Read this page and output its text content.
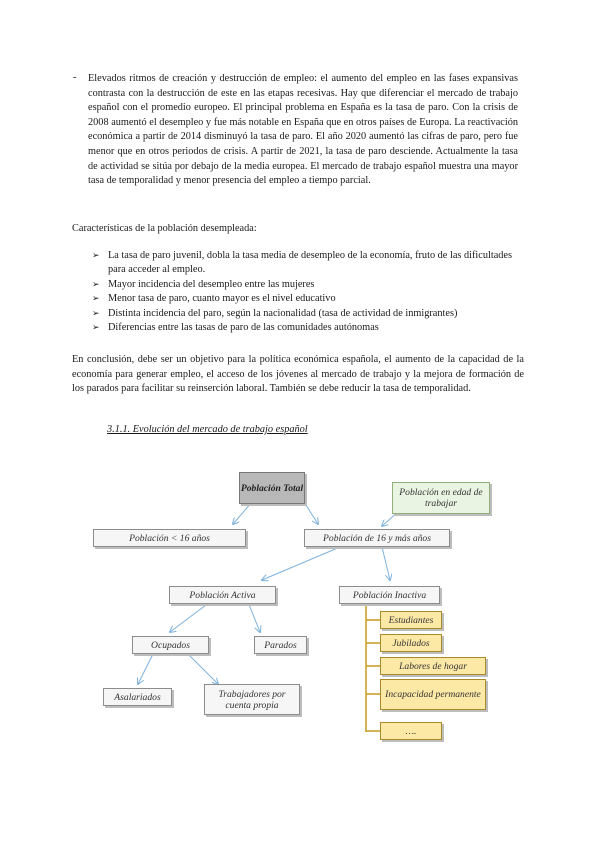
- Elevados ritmos de creación y destrucción de empleo: el aumento del empleo en las fases expansivas contrasta con la destrucción de este en las etapas recesivas. Hay que diferenciar el mercado de trabajo español con el promedio europeo. El principal problema en España es la tasa de paro. Con la crisis de 2008 aumentó el desempleo y fue más notable en España que en otros países de Europa. La reactivación económica a partir de 2014 disminuyó la tasa de paro. El año 2020 aumentó las cifras de paro, pero fue menor que en otros periodos de crisis. A partir de 2021, la tasa de paro desciende. Actualmente la tasa de actividad se sitúa por debajo de la media europea. El mercado de trabajo español muestra una mayor tasa de temporalidad y menor presencia del empleo a tiempo parcial.

Características de la población desempleada:
➢ La tasa de paro juvenil, dobla la tasa media de desempleo de la economía, fruto de las dificultades para acceder al empleo.
➢ Mayor incidencia del desempleo entre las mujeres
➢ Menor tasa de paro, cuanto mayor es el nivel educativo
➢ Distinta incidencia del paro, según la nacionalidad (tasa de actividad de inmigrantes)
➢ Diferencias entre las tasas de paro de las comunidades autónomas

En conclusión, debe ser un objetivo para la política económica española, el aumento de la capacidad de la economía para generar empleo, el acceso de los jóvenes al mercado de trabajo y la mejora de formación de los parados para facilitar su reinserción laboral. También se debe reducir la tasa de temporalidad.

3.1.1. Evolución del mercado de trabajo español
Población Total	Población en edad de trabajar
Población < 16 años	Población de 16 y más años
Población Activa	Población Inactiva
Ocupados	Parados
Asalariados	Trabajadores por cuenta propia
Estudiantes
Jubilados
Labores de hogar
Incapacidad permanente
….
